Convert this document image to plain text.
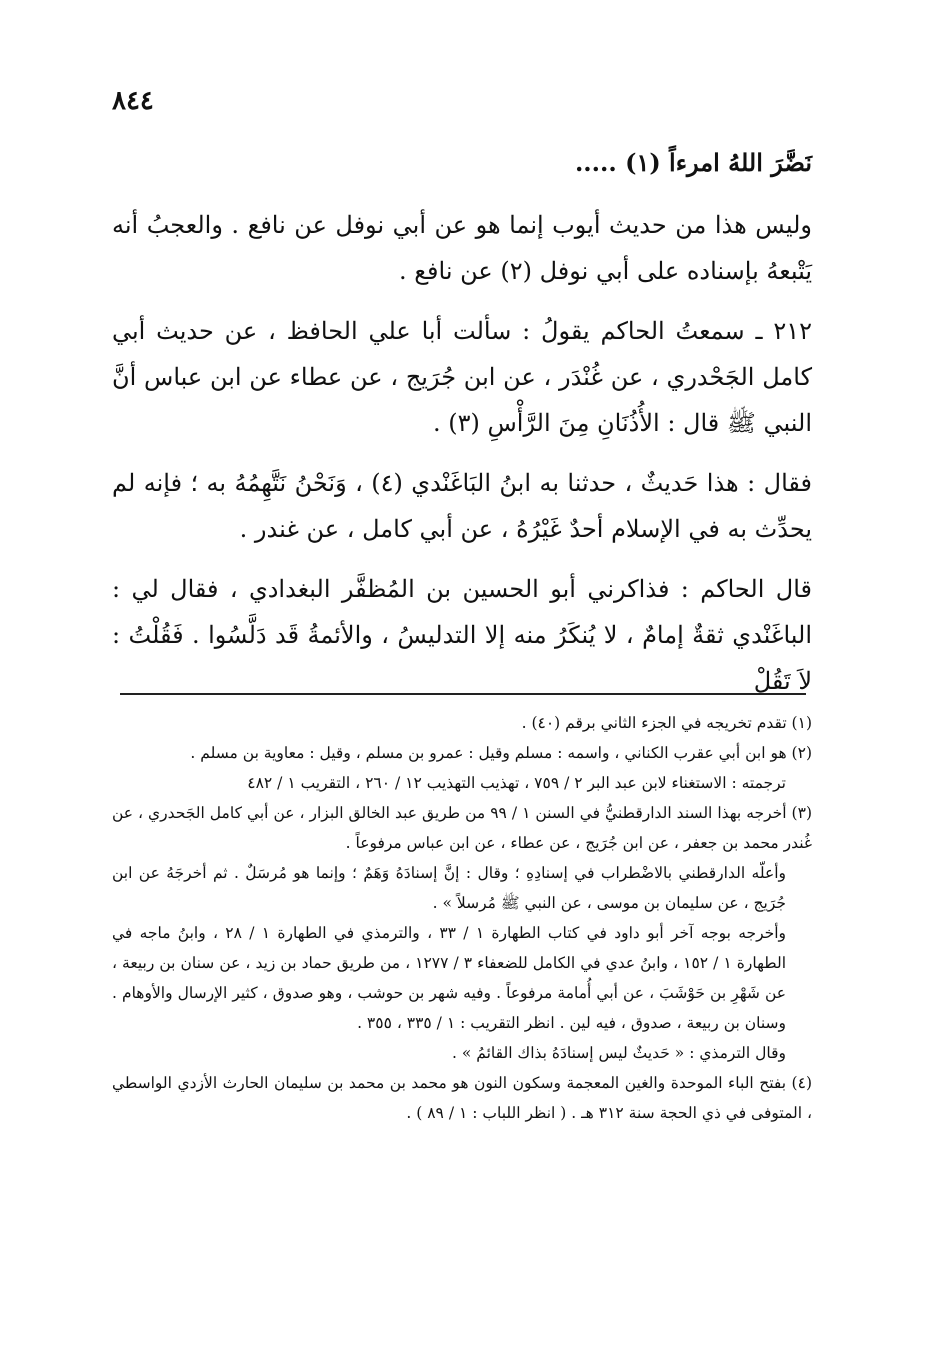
٨٤٤

نَضَّرَ اللهُ امرءاً (١) .....

وليس هذا من حديث أيوب إنما هو عن أبي نوفل عن نافع . والعجبُ أنه يَتْبعهُ بإسناده على أبي نوفل (٢) عن نافع .

٢١٢ ـ سمعتُ الحاكم يقولُ : سألت أبا علي الحافظ ، عن حديث أبي كامل الجَحْدري ، عن غُنْدَر ، عن ابن جُرَيج ، عن عطاء عن ابن عباس أنَّ النبي ﷺ قال : الأُذُنَانِ مِنَ الرَّأْسِ (٣) .

فقال : هذا حَديثٌ ، حدثنا به ابنُ البَاغَنْدي (٤) ، وَنَحْنُ نَتَّهِمُهُ به ؛ فإنه لم يحدِّث به في الإسلام أحدٌ غَيْرُهُ ، عن أبي كامل ، عن غندر .

قال الحاكم : فذاكرني أبو الحسين بن المُظفَّر البغدادي ، فقال لي : الباغَنْدي ثقةٌ إمامٌ ، لا يُنكَرُ منه إلا التدليسُ ، والأئمةُ قَد دَلَّسُوا . فَقُلْتُ : لاَ تَقُلْ

(١) تقدم تخريجه في الجزء الثاني برقم (٤٠) .

(٢) هو ابن أبي عقرب الكناني ، واسمه : مسلم وقيل : عمرو بن مسلم ، وقيل : معاوية بن مسلم .

ترجمته : الاستغناء لابن عبد البر ٢ / ٧٥٩ ، تهذيب التهذيب ١٢ / ٢٦٠ ، التقريب ١ / ٤٨٢

(٣) أخرجه بهذا السند الدارقطنيُّ في السنن ١ / ٩٩ من طريق عبد الخالق البزار ، عن أبي كامل الجَحدري ، عن غُندر محمد بن جعفر ، عن ابن جُرَيج ، عن عطاء ، عن ابن عباس مرفوعاً .

وأعلّه الدارقطني بالاضْطراب في إسنادِهِ ؛ وقال : إنَّ إسنادَهُ وَهَمٌ ؛ وإنما هو مُرسَلٌ . ثم أخرجَهُ عن ابن جُرَيج ، عن سليمان بن موسى ، عن النبي ﷺ مُرسلاً » .

وأخرجه بوجه آخر أبو داود في كتاب الطهارة ١ / ٣٣ ، والترمذي في الطهارة ١ / ٢٨ ، وابنُ ماجه في الطهارة ١ / ١٥٢ ، وابنُ عدي في الكامل للضعفاء ٣ / ١٢٧٧ ، من طريق حماد بن زيد ، عن سنان بن ربيعة ، عن شَهْرِ بن حَوْشَبَ ، عن أبي أُمامة مرفوعاً . وفيه شهر بن حوشب ، وهو صدوق ، كثير الإرسال والأوهام . وسنان بن ربيعة ، صدوق ، فيه لين . انظر التقريب : ١ / ٣٣٥ ، ٣٥٥ .

وقال الترمذي : « حَديثٌ ليس إسنادَهُ بذاك القائمُ » .

(٤) بفتح الباء الموحدة والغين المعجمة وسكون النون هو محمد بن محمد بن سليمان الحارث الأزدي الواسطي ، المتوفى في ذي الحجة سنة ٣١٢ هـ . ( انظر اللباب : ١ / ٨٩ ) .
